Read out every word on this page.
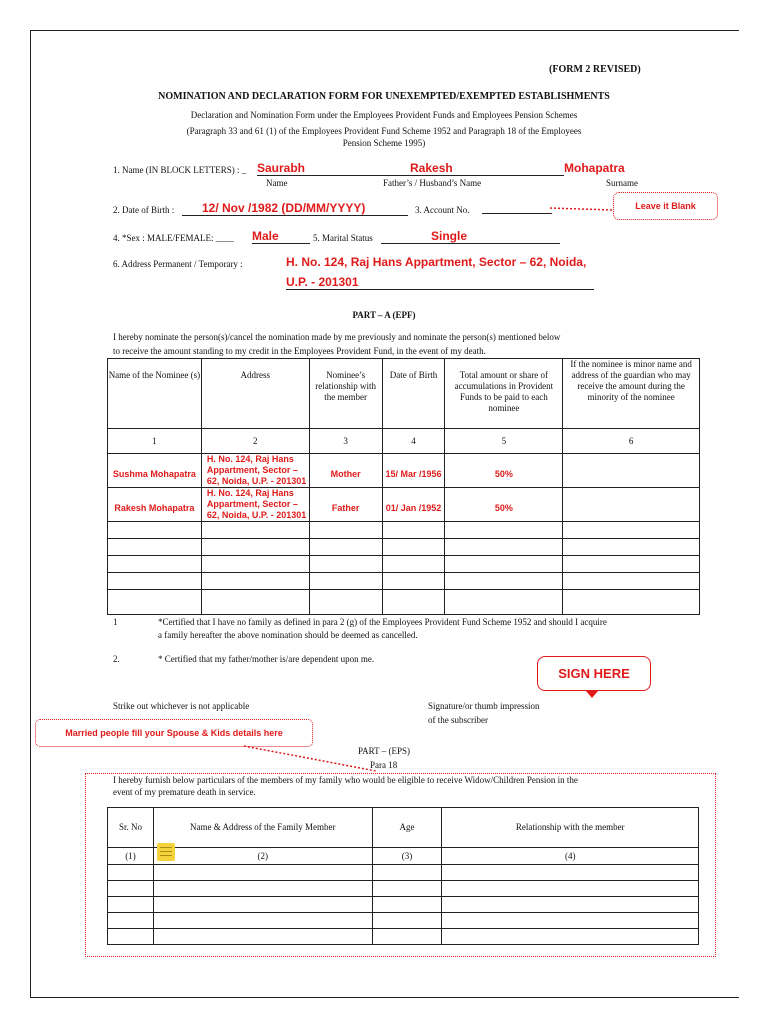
(FORM 2 REVISED)
NOMINATION AND DECLARATION FORM FOR UNEXEMPTED/EXEMPTED ESTABLISHMENTS
Declaration and Nomination Form under the Employees Provident Funds and Employees Pension Schemes
(Paragraph 33 and 61 (1) of the Employees Provident Fund Scheme 1952 and Paragraph 18 of the Employees
Pension Scheme 1995)
1. Name (IN BLOCK LETTERS) : _ Saurabh	Rakesh	Mohapatra
Name	Father’s / Husband’s Name	Surname
2. Date of Birth :	12/ Nov /1982 (DD/MM/YYYY)	3. Account No.
4. *Sex : MALE/FEMALE: ____ Male	5. Marital Status	Single
6. Address Permanent / Temporary :	H. No. 124, Raj Hans Appartment, Sector – 62, Noida,
U.P. - 201301
Leave it Blank
PART – A (EPF)
I hereby nominate the person(s)/cancel the nomination made by me previously and nominate the person(s) mentioned below
to receive the amount standing to my credit in the Employees Provident Fund, in the event of my death.
Name of the Nominee (s)	Address	Nominee’s relationship with the member	Date of Birth	Total amount or share of accumulations in Provident Funds to be paid to each nominee	If the nominee is minor name and address of the guardian who may receive the amount during the minority of the nominee
1	2	3	4	5	6
Sushma Mohapatra	H. No. 124, Raj Hans Appartment, Sector – 62, Noida, U.P. - 201301	Mother	15/ Mar /1956	50%	
Rakesh Mohapatra	H. No. 124, Raj Hans Appartment, Sector – 62, Noida, U.P. - 201301	Father	01/ Jan /1952	50%	

1	*Certified that I have no family as defined in para 2 (g) of the Employees Provident Fund Scheme 1952 and should I acquire
a family hereafter the above nomination should be deemed as cancelled.
2.	* Certified that my father/mother is/are dependent upon me.
SIGN HERE
Strike out whichever is not applicable	Signature/or thumb impression
of the subscriber
Married people fill your Spouse & Kids details here
PART – (EPS)
Para 18
I hereby furnish below particulars of the members of my family who would be eligible to receive Widow/Children Pension in the
event of my premature death in service.
Sr. No	Name & Address of the Family Member	Age	Relationship with the member
(1)	(2)	(3)	(4)
